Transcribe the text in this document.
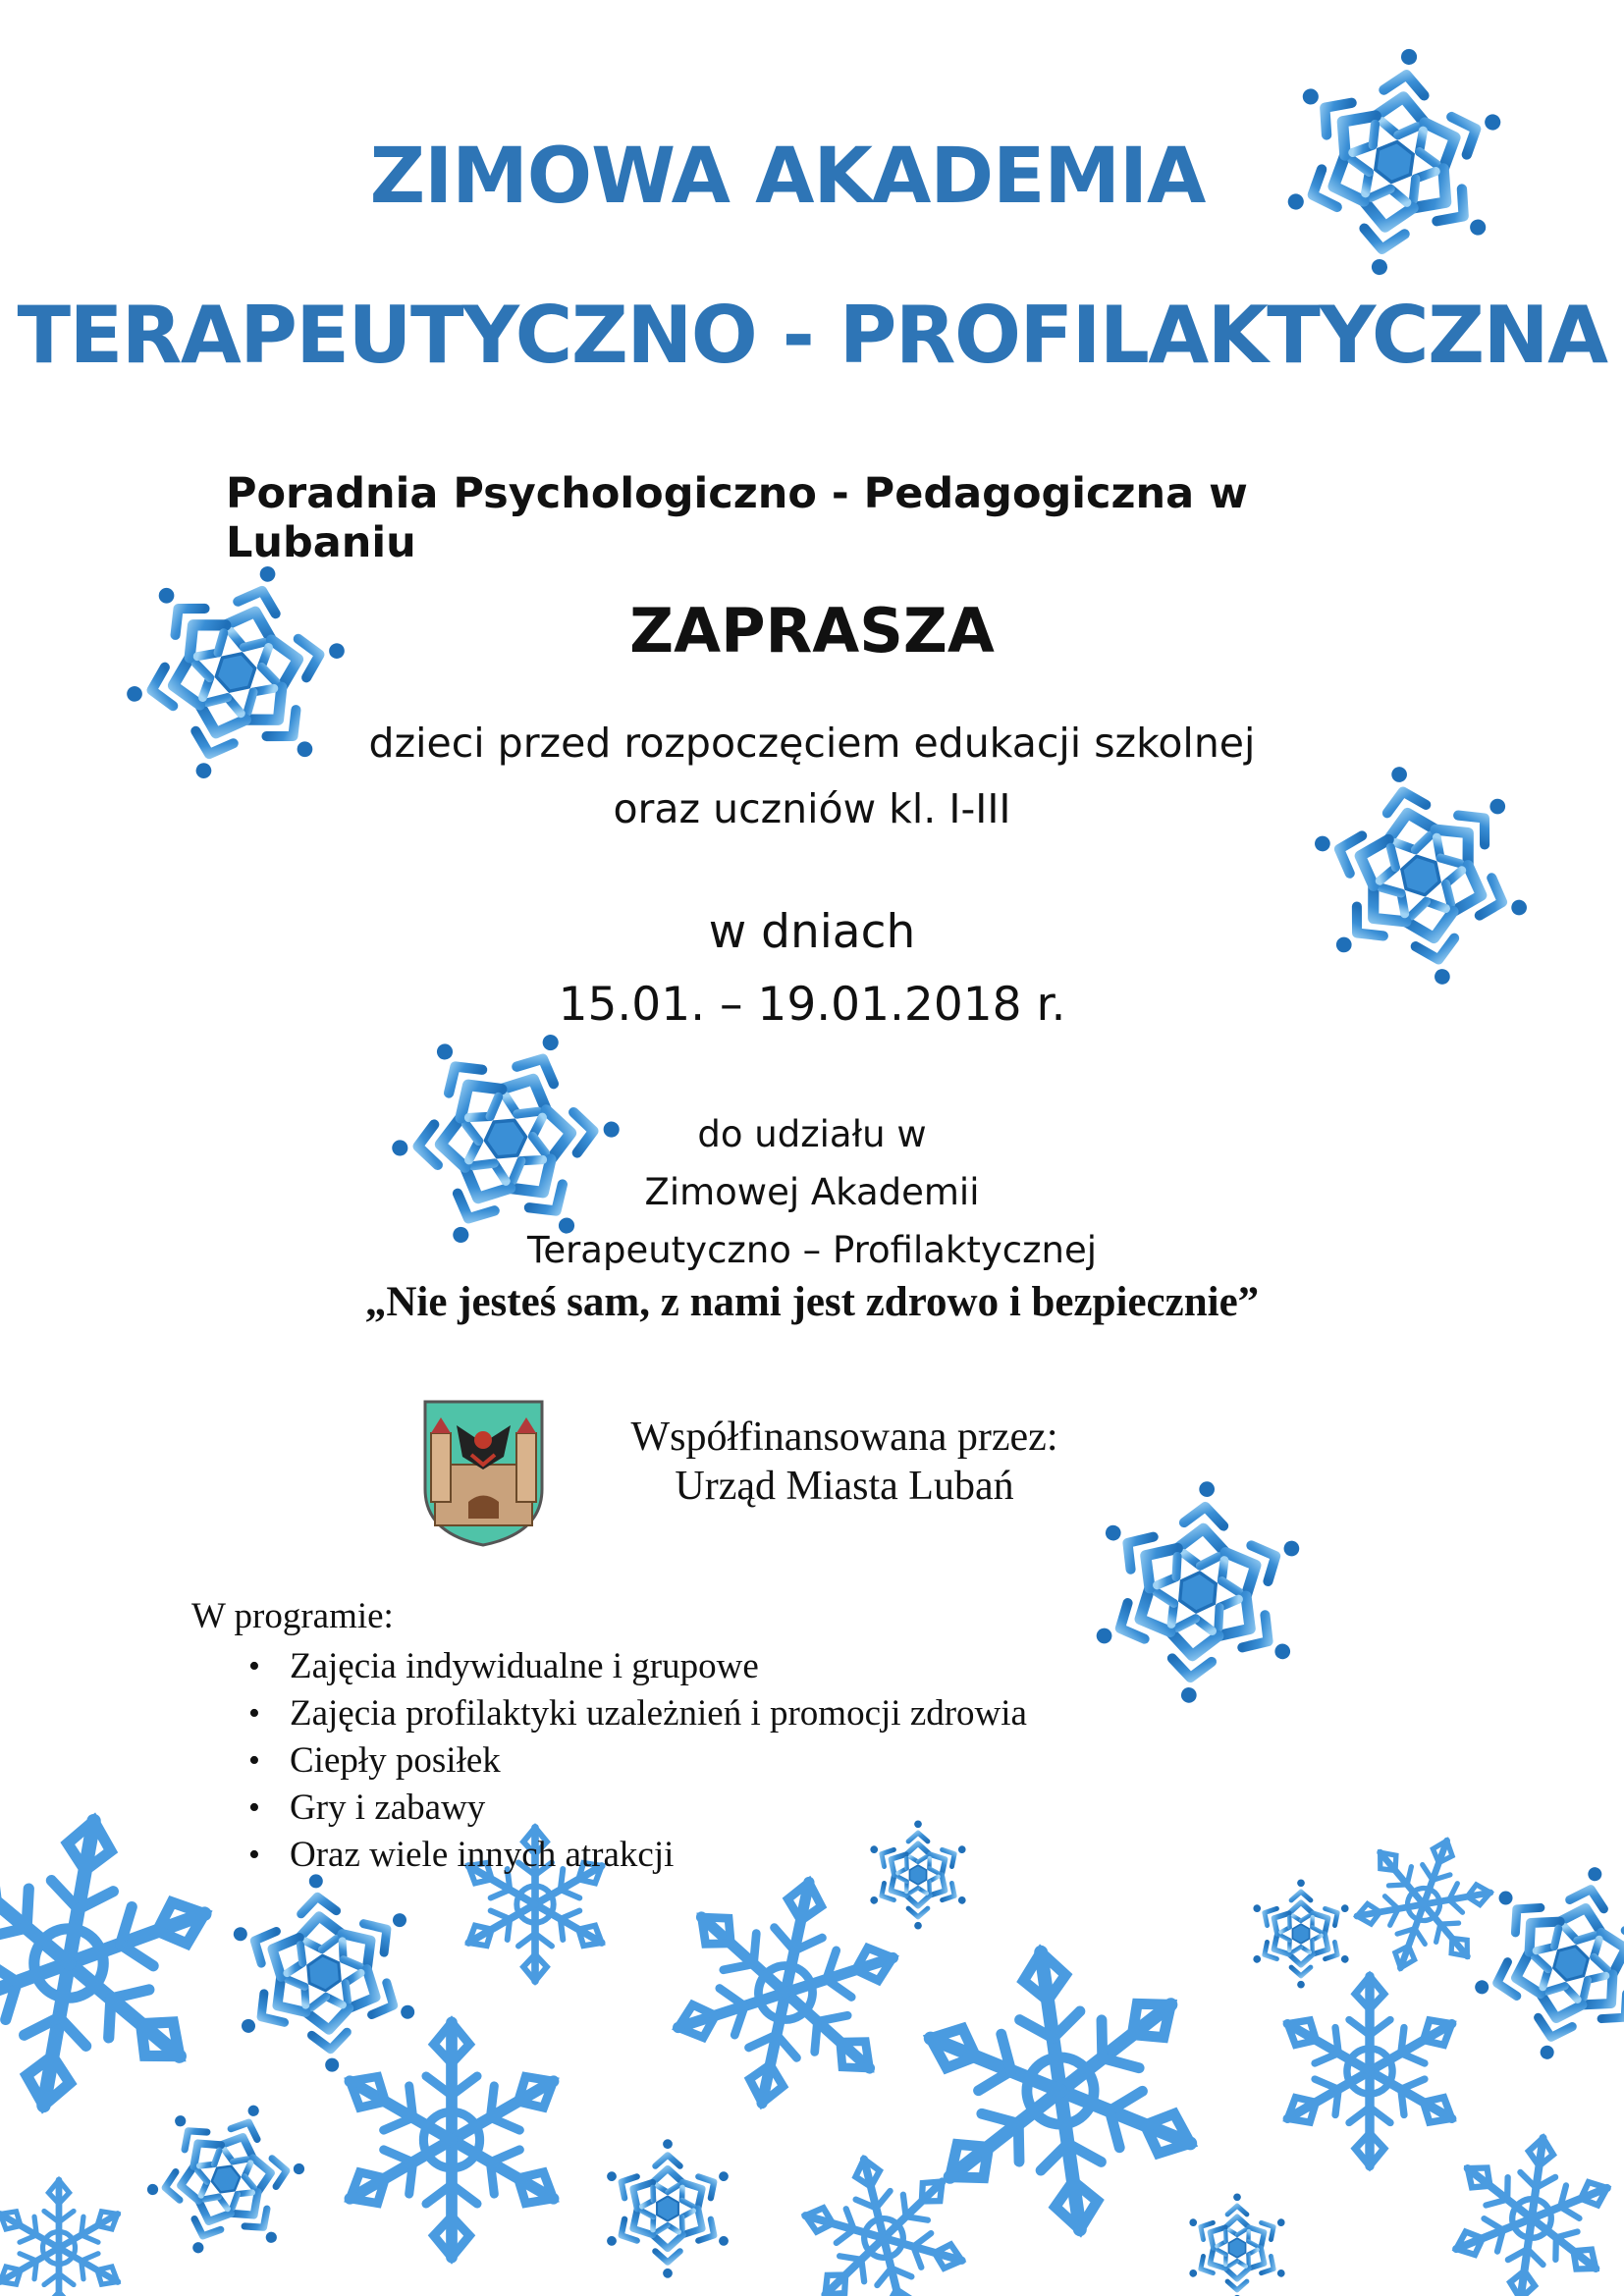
ZIMOWA AKADEMIA
TERAPEUTYCZNO - PROFILAKTYCZNA
Poradnia Psychologiczno - Pedagogiczna w Lubaniu
ZAPRASZA
dzieci przed rozpoczęciem edukacji szkolnej
oraz uczniów kl. I-III
w dniach
15.01. – 19.01.2018 r.
do udziału w
Zimowej Akademii
Terapeutyczno – Profilaktycznej
„Nie jesteś sam, z nami jest zdrowo i bezpiecznie”
Współfinansowana przez:
Urząd Miasta Lubań
W programie:
• Zajęcia indywidualne i grupowe
• Zajęcia profilaktyki uzależnień i promocji zdrowia
• Ciepły posiłek
• Gry i zabawy
• Oraz wiele innych atrakcji
